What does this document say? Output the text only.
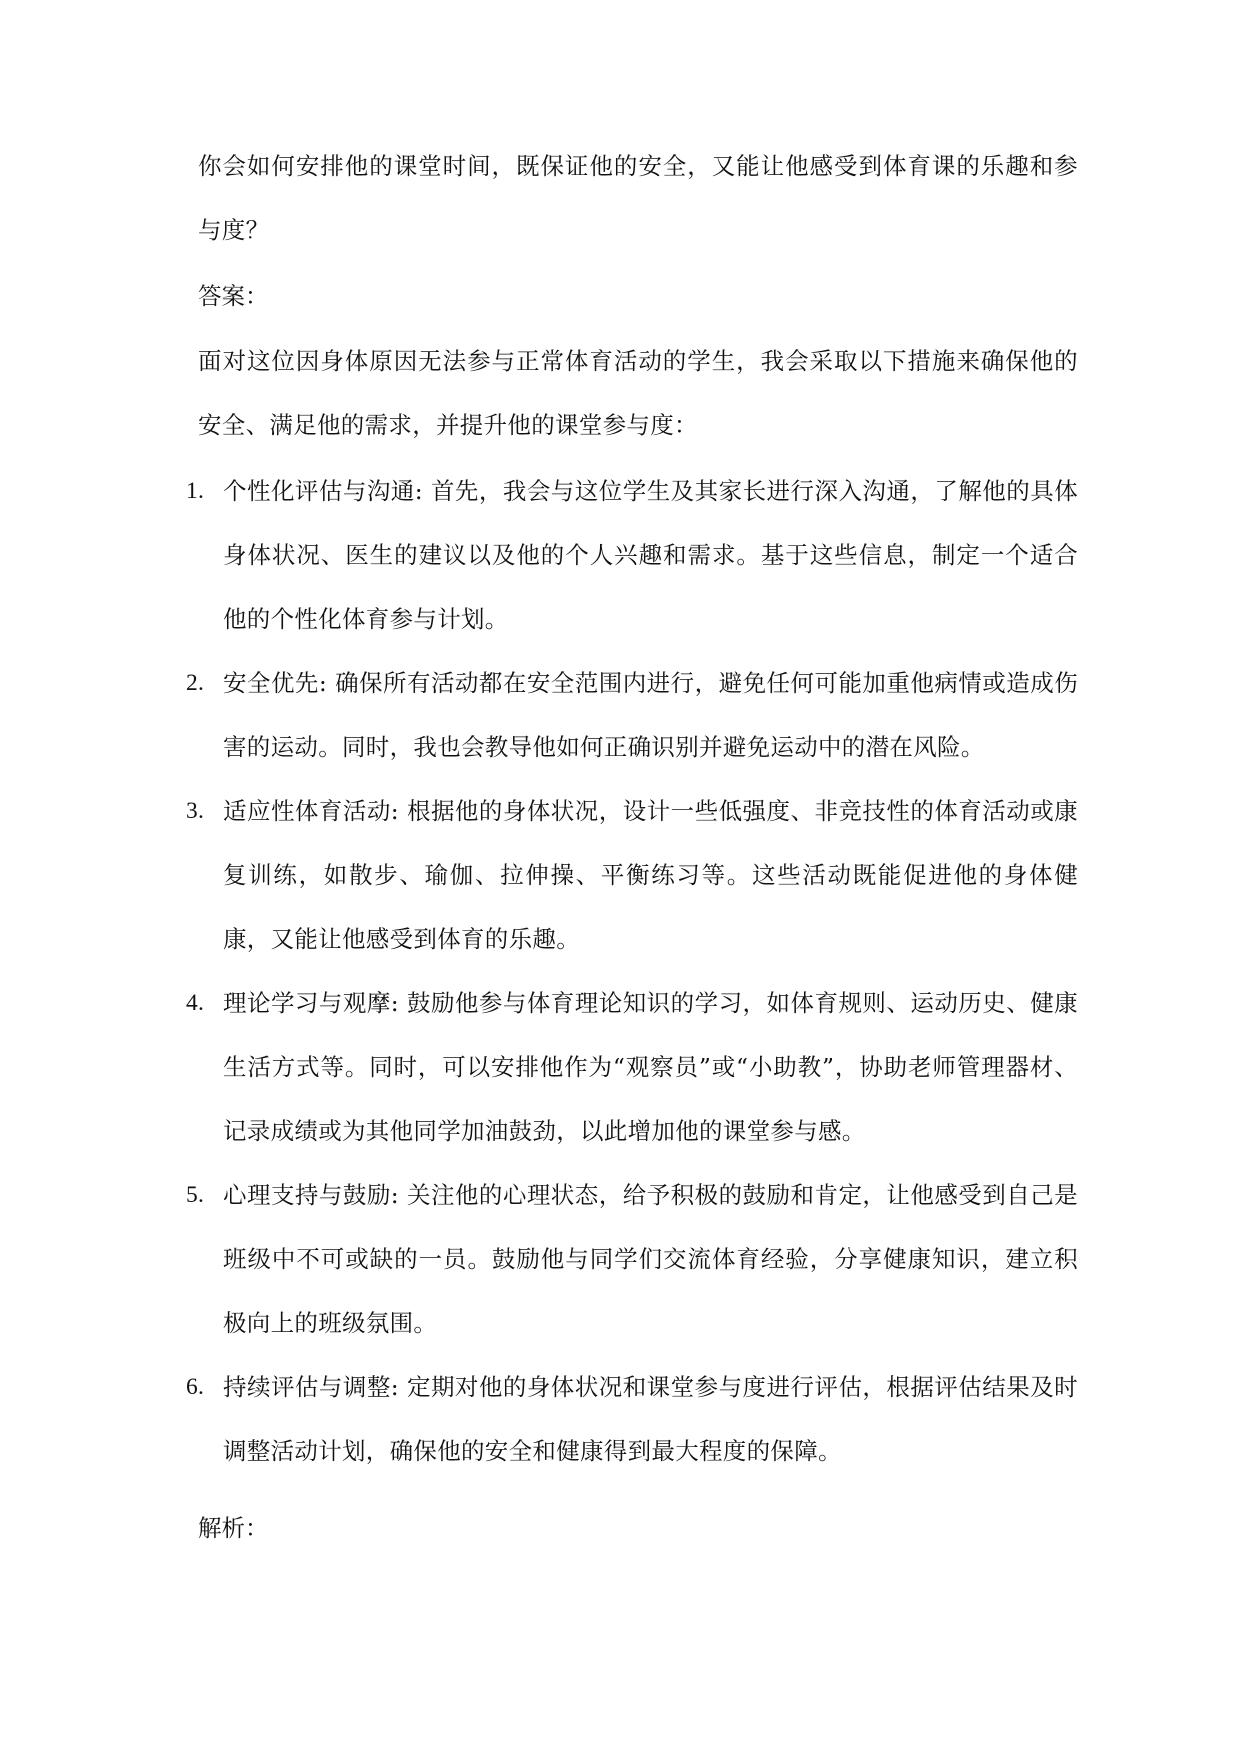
你会如何安排他的课堂时间，既保证他的安全，又能让他感受到体育课的乐趣和参与度？
答案：
面对这位因身体原因无法参与正常体育活动的学生，我会采取以下措施来确保他的安全、满足他的需求，并提升他的课堂参与度：
1. 个性化评估与沟通: 首先，我会与这位学生及其家长进行深入沟通，了解他的具体身体状况、医生的建议以及他的个人兴趣和需求。基于这些信息，制定一个适合他的个性化体育参与计划。
2. 安全优先: 确保所有活动都在安全范围内进行，避免任何可能加重他病情或造成伤害的运动。同时，我也会教导他如何正确识别并避免运动中的潜在风险。
3. 适应性体育活动: 根据他的身体状况，设计一些低强度、非竞技性的体育活动或康复训练，如散步、瑜伽、拉伸操、平衡练习等。这些活动既能促进他的身体健康，又能让他感受到体育的乐趣。
4. 理论学习与观摩: 鼓励他参与体育理论知识的学习，如体育规则、运动历史、健康生活方式等。同时，可以安排他作为“观察员”或“小助教”，协助老师管理器材、记录成绩或为其他同学加油鼓劲，以此增加他的课堂参与感。
5. 心理支持与鼓励: 关注他的心理状态，给予积极的鼓励和肯定，让他感受到自己是班级中不可或缺的一员。鼓励他与同学们交流体育经验，分享健康知识，建立积极向上的班级氛围。
6. 持续评估与调整: 定期对他的身体状况和课堂参与度进行评估，根据评估结果及时调整活动计划，确保他的安全和健康得到最大程度的保障。
解析：
